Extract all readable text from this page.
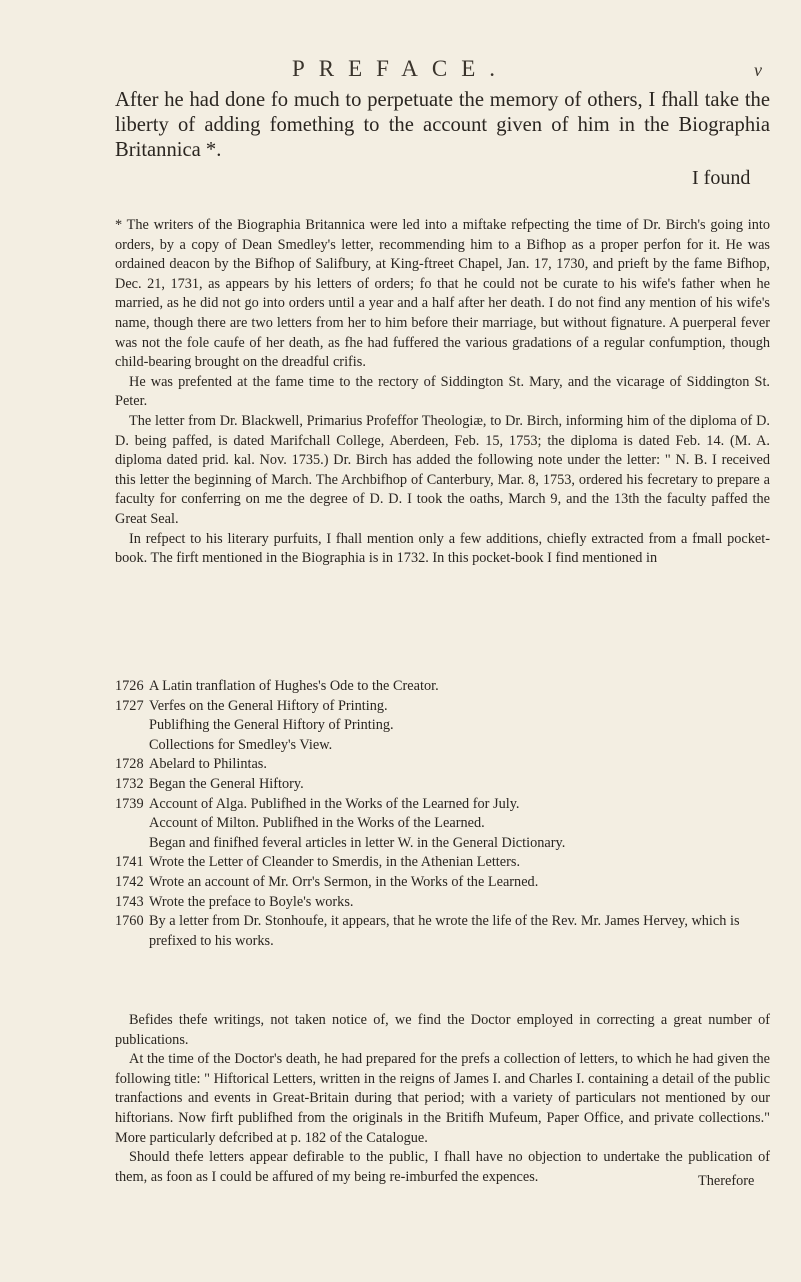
PREFACE.	v
After he had done fo much to perpetuate the memory of others, I fhall take the liberty of adding fomething to the account given of him in the Biographia Britannica *.
I found

* The writers of the Biographia Britannica were led into a miftake refpecting the time of Dr. Birch's going into orders, by a copy of Dean Smedley's letter, recommending him to a Bifhop as a proper perfon for it. He was ordained deacon by the Bifhop of Salifbury, at King-ftreet Chapel, Jan. 17, 1730, and prieft by the fame Bifhop, Dec. 21, 1731, as appears by his letters of orders; fo that he could not be curate to his wife's father when he married, as he did not go into orders until a year and a half after her death. I do not find any mention of his wife's name, though there are two letters from her to him before their marriage, but without fignature. A puerperal fever was not the fole caufe of her death, as fhe had fuffered the various gradations of a regular confumption, though child-bearing brought on the dreadful crifis.

He was prefented at the fame time to the rectory of Siddington St. Mary, and the vicarage of Siddington St. Peter.

The letter from Dr. Blackwell, Primarius Profeffor Theologiæ, to Dr. Birch, informing him of the diploma of D. D. being paffed, is dated Marifchall College, Aberdeen, Feb. 15, 1753; the diploma is dated Feb. 14. (M. A. diploma dated prid. kal. Nov. 1735.) Dr. Birch has added the following note under the letter: " N. B. I received this letter the beginning of March. The Archbifhop of Canterbury, Mar. 8, 1753, ordered his fecretary to prepare a faculty for conferring on me the degree of D. D. I took the oaths, March 9, and the 13th the faculty paffed the Great Seal.

In refpect to his literary purfuits, I fhall mention only a few additions, chiefly extracted from a fmall pocket-book. The firft mentioned in the Biographia is in 1732. In this pocket-book I find mentioned in

1726 A Latin tranflation of Hughes's Ode to the Creator.
1727 Verfes on the General Hiftory of Printing.
Publifhing the General Hiftory of Printing.
Collections for Smedley's View.
1728 Abelard to Philintas.
1732 Began the General Hiftory.
1739 Account of Alga. Publifhed in the Works of the Learned for July.
Account of Milton. Publifhed in the Works of the Learned.
Began and finifhed feveral articles in letter W. in the General Dictionary.
1741 Wrote the Letter of Cleander to Smerdis, in the Athenian Letters.
1742 Wrote an account of Mr. Orr's Sermon, in the Works of the Learned.
1743 Wrote the preface to Boyle's works.
1760 By a letter from Dr. Stonhoufe, it appears, that he wrote the life of the Rev. Mr. James Hervey, which is prefixed to his works.

Befides thefe writings, not taken notice of, we find the Doctor employed in correcting a great number of publications.

At the time of the Doctor's death, he had prepared for the prefs a collection of letters, to which he had given the following title: " Hiftorical Letters, written in the reigns of James I. and Charles I. containing a detail of the public tranfactions and events in Great-Britain during that period; with a variety of particulars not mentioned by our hiftorians. Now firft publifhed from the originals in the Britifh Mufeum, Paper Office, and private collections." More particularly defcribed at p. 182 of the Catalogue.

Should thefe letters appear defirable to the public, I fhall have no objection to undertake the publication of them, as foon as I could be affured of my being re-imburfed the expences.	Therefore
